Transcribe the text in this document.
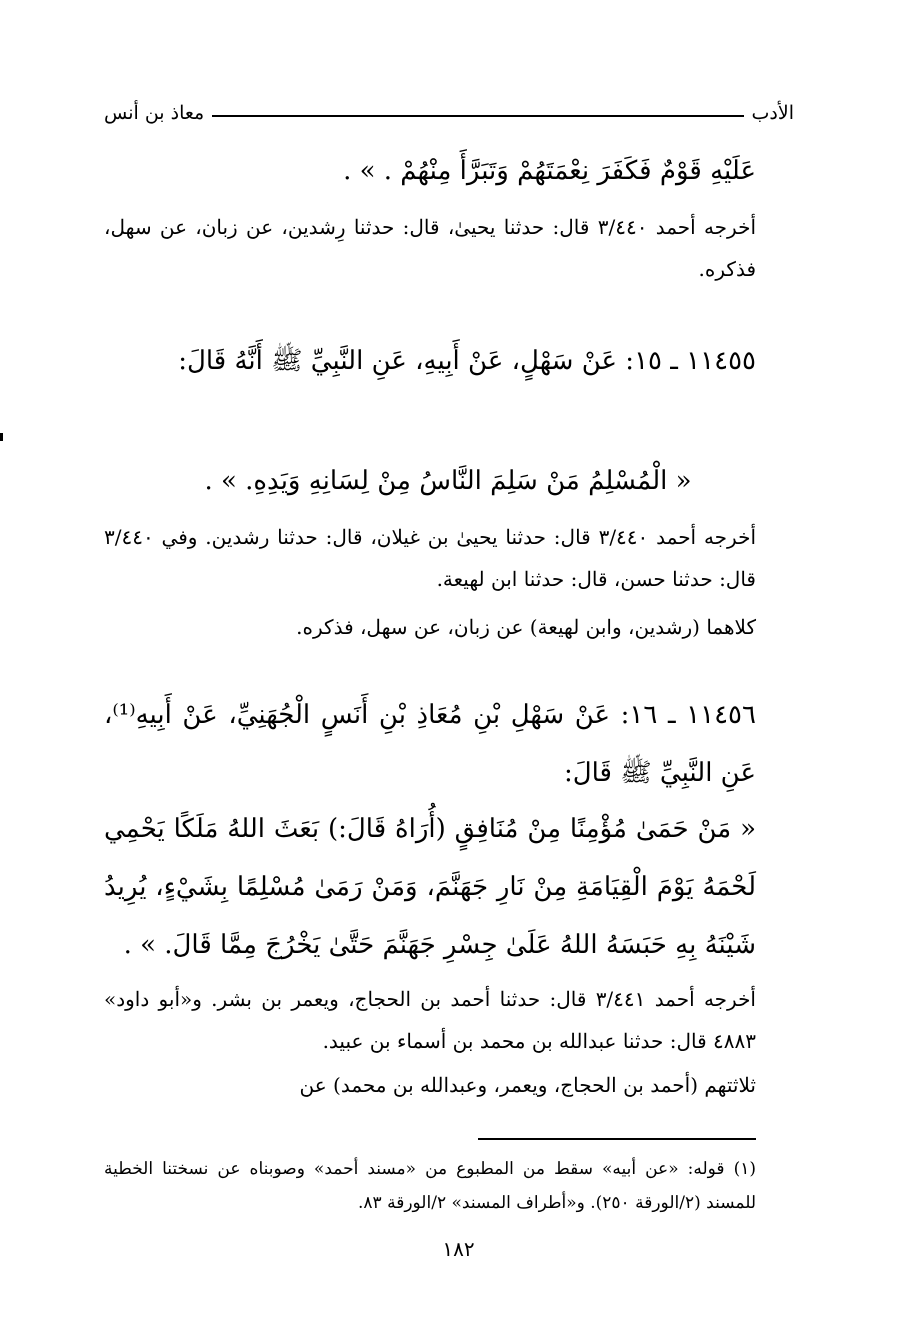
الأدب
معاذ بن أنس
عَلَيْهِ قَوْمٌ فَكَفَرَ نِعْمَتَهُمْ وَتَبَرَّأَ مِنْهُمْ . » .
أخرجه أحمد ٣/٤٤٠ قال: حدثنا يحيىٰ، قال: حدثنا رِشدين، عن زبان، عن سهل، فذكره.
١١٤٥٥ ـ ١٥: عَنْ سَهْلٍ، عَنْ أَبِيهِ، عَنِ النَّبِيِّ ﷺ أَنَّهُ قَالَ:
« الْمُسْلِمُ مَنْ سَلِمَ النَّاسُ مِنْ لِسَانِهِ وَيَدِهِ. » .
أخرجه أحمد ٣/٤٤٠ قال: حدثنا يحيىٰ بن غيلان، قال: حدثنا رشدين. وفي ٣/٤٤٠ قال: حدثنا حسن، قال: حدثنا ابن لهيعة.
كلاهما (رشدين، وابن لهيعة) عن زبان، عن سهل، فذكره.
١١٤٥٦ ـ ١٦: عَنْ سَهْلِ بْنِ مُعَاذِ بْنِ أَنَسٍ الْجُهَنِيِّ، عَنْ أَبِيهِ⁽¹⁾، عَنِ النَّبِيِّ ﷺ قَالَ:
« مَنْ حَمَىٰ مُؤْمِنًا مِنْ مُنَافِقٍ (أُرَاهُ قَالَ:) بَعَثَ اللهُ مَلَكًا يَحْمِي لَحْمَهُ يَوْمَ الْقِيَامَةِ مِنْ نَارِ جَهَنَّمَ، وَمَنْ رَمَىٰ مُسْلِمًا بِشَيْءٍ، يُرِيدُ شَيْنَهُ بِهِ حَبَسَهُ اللهُ عَلَىٰ جِسْرِ جَهَنَّمَ حَتَّىٰ يَخْرُجَ مِمَّا قَالَ. » .
أخرجه أحمد ٣/٤٤١ قال: حدثنا أحمد بن الحجاج، ويعمر بن بشر. و«أبو داود» ٤٨٨٣ قال: حدثنا عبدالله بن محمد بن أسماء بن عبيد.
ثلاثتهم (أحمد بن الحجاج، ويعمر، وعبدالله بن محمد) عن
(١) قوله: «عن أبيه» سقط من المطبوع من «مسند أحمد» وصوبناه عن نسختنا الخطية للمسند (٢/الورقة ٢٥٠). و«أطراف المسند» ٢/الورقة ٨٣.
١٨٢
